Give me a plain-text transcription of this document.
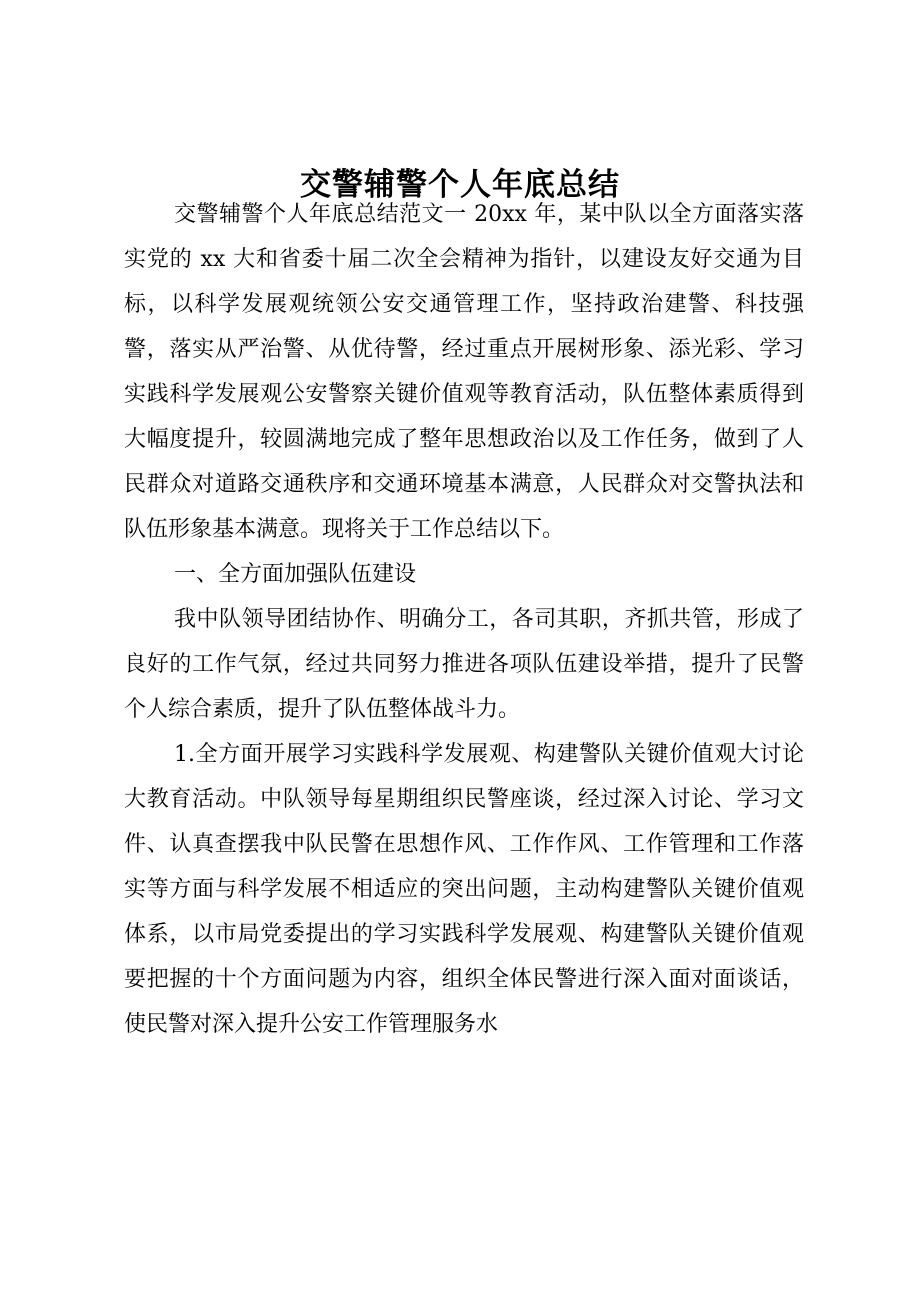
交警辅警个人年底总结

交警辅警个人年底总结范文一 20xx 年，某中队以全方面落实落实党的 xx 大和省委十届二次全会精神为指针，以建设友好交通为目标，以科学发展观统领公安交通管理工作，坚持政治建警、科技强警，落实从严治警、从优待警，经过重点开展树形象、添光彩、学习实践科学发展观公安警察关键价值观等教育活动，队伍整体素质得到大幅度提升，较圆满地完成了整年思想政治以及工作任务，做到了人民群众对道路交通秩序和交通环境基本满意，人民群众对交警执法和队伍形象基本满意。现将关于工作总结以下。

一、全方面加强队伍建设

我中队领导团结协作、明确分工，各司其职，齐抓共管，形成了良好的工作气氛，经过共同努力推进各项队伍建设举措，提升了民警个人综合素质，提升了队伍整体战斗力。

1.全方面开展学习实践科学发展观、构建警队关键价值观大讨论大教育活动。中队领导每星期组织民警座谈，经过深入讨论、学习文件、认真查摆我中队民警在思想作风、工作作风、工作管理和工作落实等方面与科学发展不相适应的突出问题，主动构建警队关键价值观体系，以市局党委提出的学习实践科学发展观、构建警队关键价值观要把握的十个方面问题为内容，组织全体民警进行深入面对面谈话，使民警对深入提升公安工作管理服务水
